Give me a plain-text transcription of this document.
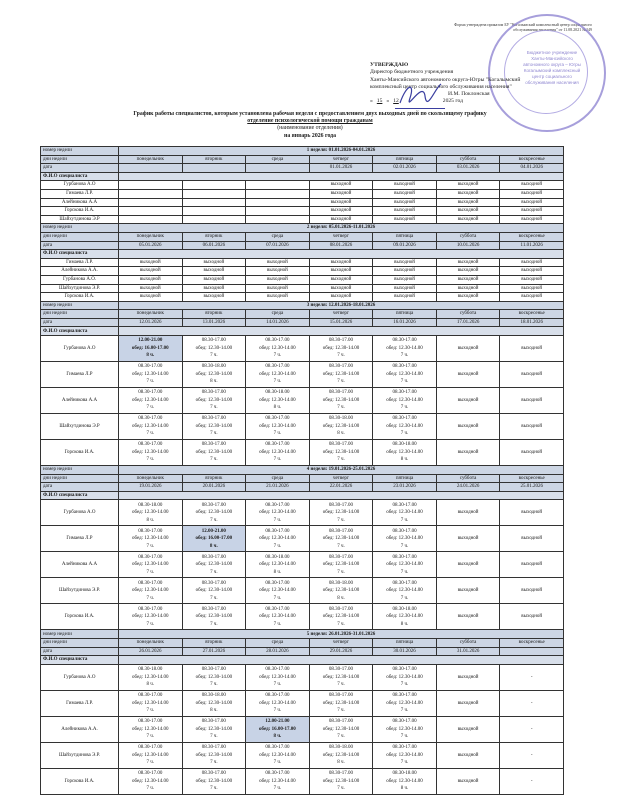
Форма утверждена приказом БУ "Когалымский комплексный центр социального
обслуживания населения" от 11.08.2021 №249
Бюджетное учреждение Ханты-Мансийского автономного округа – Югры Когалымский комплексный центр социального обслуживания населения
УТВЕРЖДАЮ
Директор бюджетного учреждения
Ханты-Мансийского автономного округа-Югры "Когалымский
комплексный центр социального обслуживания населения"
И.М. Поклонская
« 15 » 12	2025 год
График работы специалистов, которым установлена рабочая неделя с предоставлением двух выходных дней по скользящему графику
отделение психологической помощи гражданам
(наименование отделения)
на январь 2026 года
номер недели	1 неделя: 01.01.2026-04.01.2026						
дни недели	понедельник	вторник	среда	четверг	пятница	суббота	воскресенье
дата				01.01.2026	02.01.2026	03.01.2026	04.01.2026
Ф.И.О специалиста							
Гурбанова А.О				выходной	выходной	выходной	выходной
Гимаева Л.Р.				выходной	выходной	выходной	выходной
Алейникова А.А				выходной	выходной	выходной	выходной
Горскова И.А.				выходной	выходной	выходной	выходной
Шайхутдинова Э.Р				выходной	выходной	выходной	выходной
номер недели	2 неделя: 05.01.2026-11.01.2026						
дни недели	понедельник	вторник	среда	четверг	пятница	суббота	воскресенье
дата	05.01.2026	06.01.2026	07.01.2026	08.01.2026	09.01.2026	10.01.2026	11.01.2026
Ф.И.О специалиста							
Гимаева Л.Р.	выходной	выходной	выходной	выходной	выходной	выходной	выходной
Алейникова А.А.	выходной	выходной	выходной	выходной	выходной	выходной	выходной
Гурбанова А.О.	выходной	выходной	выходной	выходной	выходной	выходной	выходной
Шайхутдинова Э.Р.	выходной	выходной	выходной	выходной	выходной	выходной	выходной
Горскова И.А.	выходной	выходной	выходной	выходной	выходной	выходной	выходной
номер недели	3 неделя: 12.01.2026-18.01.2026						
дни недели	понедельник	вторник	среда	четверг	пятница	суббота	воскресенье
дата	12.01.2026	13.01.2026	14.01.2026	15.01.2026	16.01.2026	17.01.2026	18.01.2026
Ф.И.О специалиста							
Гурбанова А.О	12.00-21.00
обед: 16.00-17.00
8 ч.	08.30-17.00
обед: 12.30-14.00
7 ч.	08.30-17.00
обед: 12.30-14.00
7 ч.	08.30-17.00
обед: 12.30-14.00
7 ч.	08.30-17.00
обед: 12.30-14.00
7 ч.	выходной	выходной
Гимаева Л.Р	08.30-17.00
обед: 12.30-14.00
7 ч.	08.30-18.00
обед: 12.30-14.00
8 ч.	08.30-17.00
обед: 12.30-14.00
7 ч.	08.30-17.00
обед: 12.30-14.00
7 ч.	08.30-17.00
обед: 12.30-14.00
7 ч.	выходной	выходной
Алейникова А.А	08.30-17.00
обед: 12.30-14.00
7 ч.	08.30-17.00
обед: 12.30-14.00
7 ч.	08.30-18.00
обед: 12.30-14.00
8 ч.	08.30-17.00
обед: 12.30-14.00
7 ч.	08.30-17.00
обед: 12.30-14.00
7 ч.	выходной	выходной
Шайхутдинова Э.Р	08.30-17.00
обед: 12.30-14.00
7 ч.	08.30-17.00
обед: 12.30-14.00
7 ч.	08.30-17.00
обед: 12.30-14.00
7 ч.	08.30-18.00
обед: 12.30-14.00
8 ч.	08.30-17.00
обед: 12.30-14.00
7 ч.	выходной	выходной
Горскова И.А.	08.30-17.00
обед: 12.30-14.00
7 ч.	08.30-17.00
обед: 12.30-14.00
7 ч.	08.30-17.00
обед: 12.30-14.00
7 ч.	08.30-17.00
обед: 12.30-14.00
7 ч.	08.30-18.00
обед: 12.30-14.00
8 ч.	выходной	выходной
номер недели	4 неделя: 19.01.2026-25.01.2026						
дни недели	понедельник	вторник	среда	четверг	пятница	суббота	воскресенье
дата	19.01.2026	20.01.2026	21.01.2026	22.01.2026	23.01.2026	24.01.2026	25.01.2026
Ф.И.О специалиста							
Гурбанова А.О	08.30-18.00
обед: 12.30-14.00
8 ч.	08.30-17.00
обед: 12.30-14.00
7 ч.	08.30-17.00
обед: 12.30-14.00
7 ч.	08.30-17.00
обед: 12.30-14.00
7 ч.	08.30-17.00
обед: 12.30-14.00
7 ч.	выходной	выходной
Гимаева Л.Р	08.30-17.00
обед: 12.30-14.00
7 ч.	12.00-21.00
обед: 16.00-17.00
8 ч.	08.30-17.00
обед: 12.30-14.00
7 ч.	08.30-17.00
обед: 12.30-14.00
7 ч.	08.30-17.00
обед: 12.30-14.00
7 ч.	выходной	выходной
Алейникова А.А	08.30-17.00
обед: 12.30-14.00
7 ч.	08.30-17.00
обед: 12.30-14.00
7 ч.	08.30-18.00
обед: 12.30-14.00
8 ч.	08.30-17.00
обед: 12.30-14.00
7 ч.	08.30-17.00
обед: 12.30-14.00
7 ч.	выходной	выходной
Шайхутдинова Э.Р.	08.30-17.00
обед: 12.30-14.00
7 ч.	08.30-17.00
обед: 12.30-14.00
7 ч.	08.30-17.00
обед: 12.30-14.00
7 ч.	08.30-18.00
обед: 12.30-14.00
8 ч.	08.30-17.00
обед: 12.30-14.00
7 ч.	выходной	выходной
Горскова И.А.	08.30-17.00
обед: 12.30-14.00
7 ч.	08.30-17.00
обед: 12.30-14.00
7 ч.	08.30-17.00
обед: 12.30-14.00
7 ч.	08.30-17.00
обед: 12.30-14.00
7 ч.	08.30-18.00
обед: 12.30-14.00
8 ч.	выходной	выходной
номер недели	5 неделя: 26.01.2026-31.01.2026						
дни недели	понедельник	вторник	среда	четверг	пятница	суббота	воскресенье
дата	26.01.2026	27.01.2026	28.01.2026	29.01.2026	30.01.2026	31.01.2026	
Ф.И.О специалиста							
Гурбанова А.О	08.30-18.00
обед: 12.30-14.00
8 ч.	08.30-17.00
обед: 12.30-14.00
7 ч.	08.30-17.00
обед: 12.30-14.00
7 ч.	08.30-17.00
обед: 12.30-14.00
7 ч.	08.30-17.00
обед: 12.30-14.00
7 ч.	выходной	-
Гимаева Л.Р.	08.30-17.00
обед: 12.30-14.00
7 ч.	08.30-18.00
обед: 12.30-14.00
8 ч.	08.30-17.00
обед: 12.30-14.00
7 ч.	08.30-17.00
обед: 12.30-14.00
7 ч.	08.30-17.00
обед: 12.30-14.00
7 ч.	выходной	-
Алейникова А.А.	08.30-17.00
обед: 12.30-14.00
7 ч.	08.30-17.00
обед: 12.30-14.00
7 ч.	12.00-21.00
обед: 16.00-17.00
8 ч.	08.30-17.00
обед: 12.30-14.00
7 ч.	08.30-17.00
обед: 12.30-14.00
7 ч.	выходной	-
Шайхутдинова Э.Р.	08.30-17.00
обед: 12.30-14.00
7 ч.	08.30-17.00
обед: 12.30-14.00
7 ч.	08.30-17.00
обед: 12.30-14.00
7 ч.	08.30-18.00
обед: 12.30-14.00
8 ч.	08.30-17.00
обед: 12.30-14.00
7 ч.	выходной	-
Горскова И.А.	08.30-17.00
обед: 12.30-14.00
7 ч.	08.30-17.00
обед: 12.30-14.00
7 ч.	08.30-17.00
обед: 12.30-14.00
7 ч.	08.30-17.00
обед: 12.30-14.00
7 ч.	08.30-18.00
обед: 12.30-14.00
8 ч.	выходной	-
